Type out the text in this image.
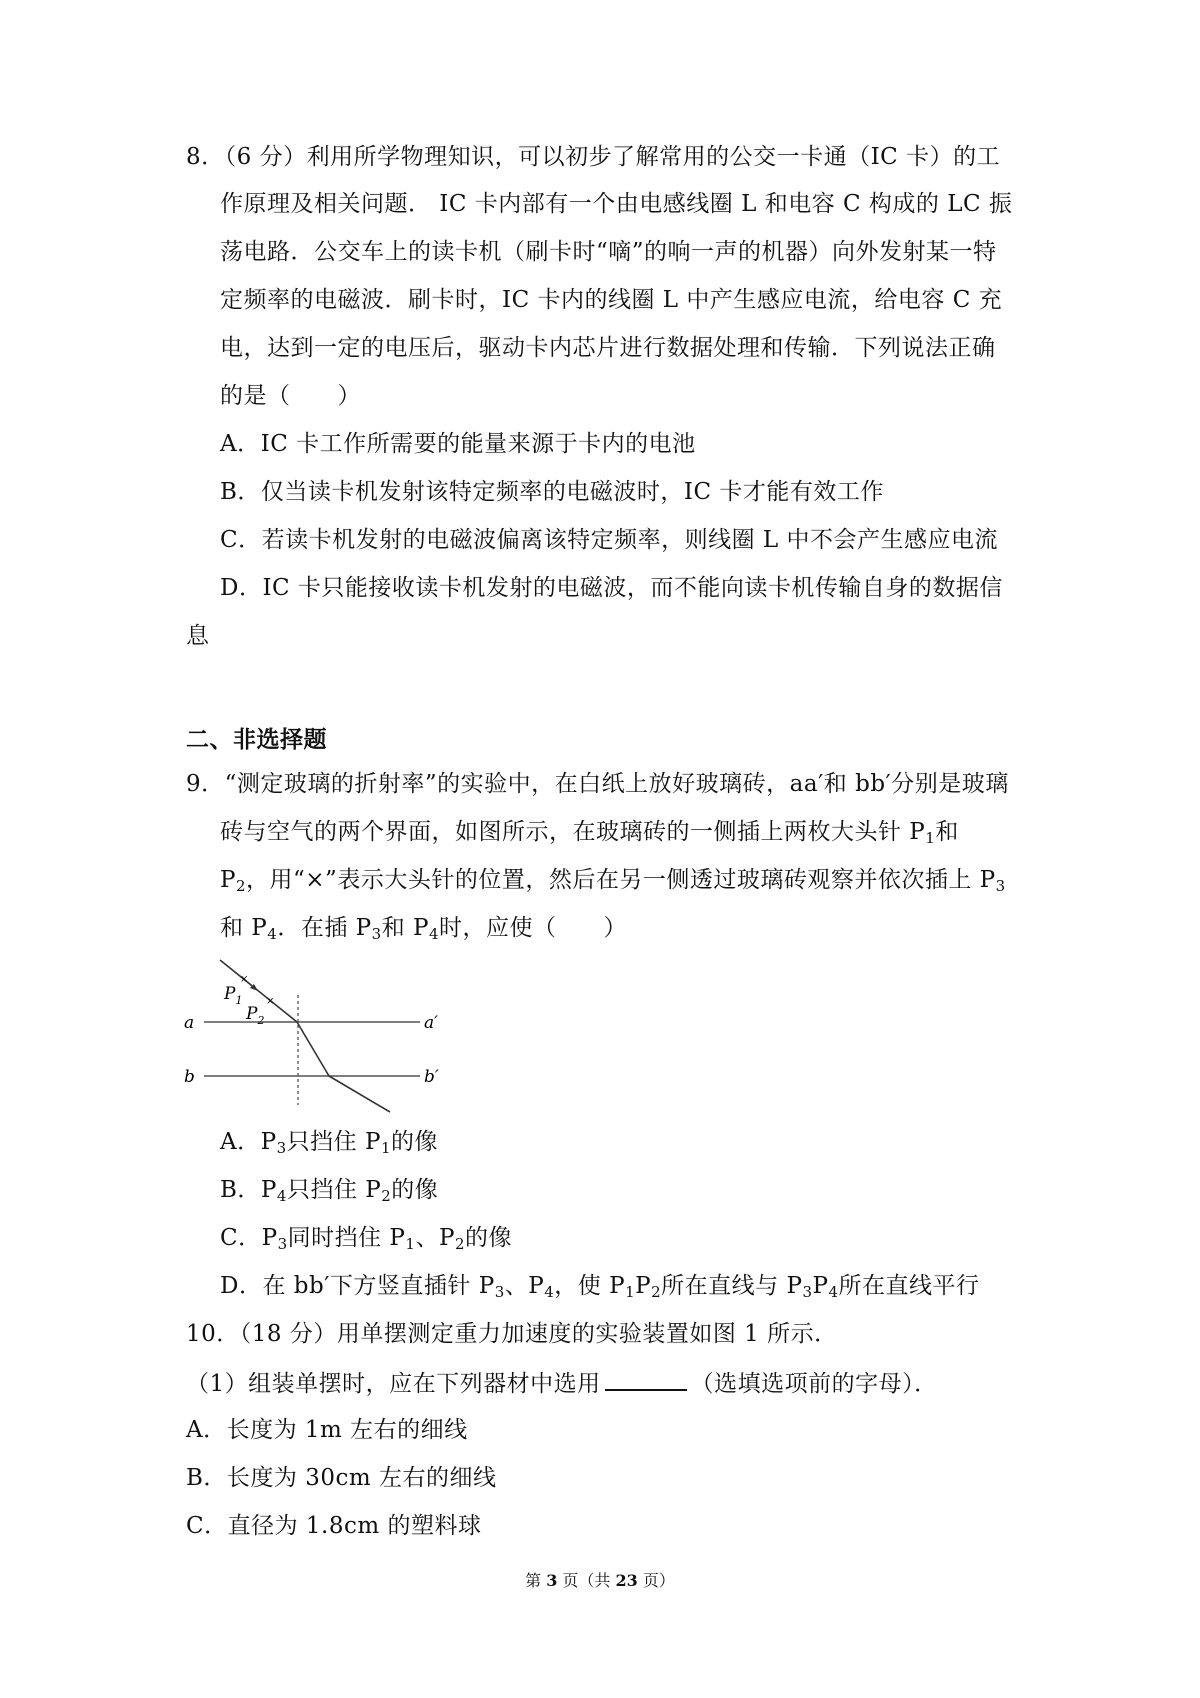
8．（6 分）利用所学物理知识，可以初步了解常用的公交一卡通（IC 卡）的工
作原理及相关问题． IC 卡内部有一个由电感线圈 L 和电容 C 构成的 LC 振
荡电路．公交车上的读卡机（刷卡时“嘀”的响一声的机器）向外发射某一特
定频率的电磁波．刷卡时，IC 卡内的线圈 L 中产生感应电流，给电容 C 充
电，达到一定的电压后，驱动卡内芯片进行数据处理和传输．下列说法正确
的是（　　）
A．IC 卡工作所需要的能量来源于卡内的电池
B．仅当读卡机发射该特定频率的电磁波时，IC 卡才能有效工作
C．若读卡机发射的电磁波偏离该特定频率，则线圈 L 中不会产生感应电流
D．IC 卡只能接收读卡机发射的电磁波，而不能向读卡机传输自身的数据信
息
二、非选择题
9．“测定玻璃的折射率”的实验中，在白纸上放好玻璃砖，aa′和 bb′分别是玻璃
砖与空气的两个界面，如图所示，在玻璃砖的一侧插上两枚大头针 $P_1$和
$P_2$，用“×”表示大头针的位置，然后在另一侧透过玻璃砖观察并依次插上 $P_3$
和 $P_4$．在插 $P_3$和 $P_4$时，应使（　　）
×
×
$P_1$
$P_2$
a	a′
b	b′
A．$P_3$只挡住 $P_1$的像
B．$P_4$只挡住 $P_2$的像
C．$P_3$同时挡住 $P_1$、$P_2$的像
D．在 bb′下方竖直插针 $P_3$、$P_4$，使 $P_1P_2$所在直线与 $P_3P_4$所在直线平行
10．（18 分）用单摆测定重力加速度的实验装置如图 1 所示．
（1）组装单摆时，应在下列器材中选用	（选填选项前的字母）．
A．长度为 1m 左右的细线
B．长度为 30cm 左右的细线
C．直径为 1.8cm 的塑料球
第 3 页（共 23 页）
